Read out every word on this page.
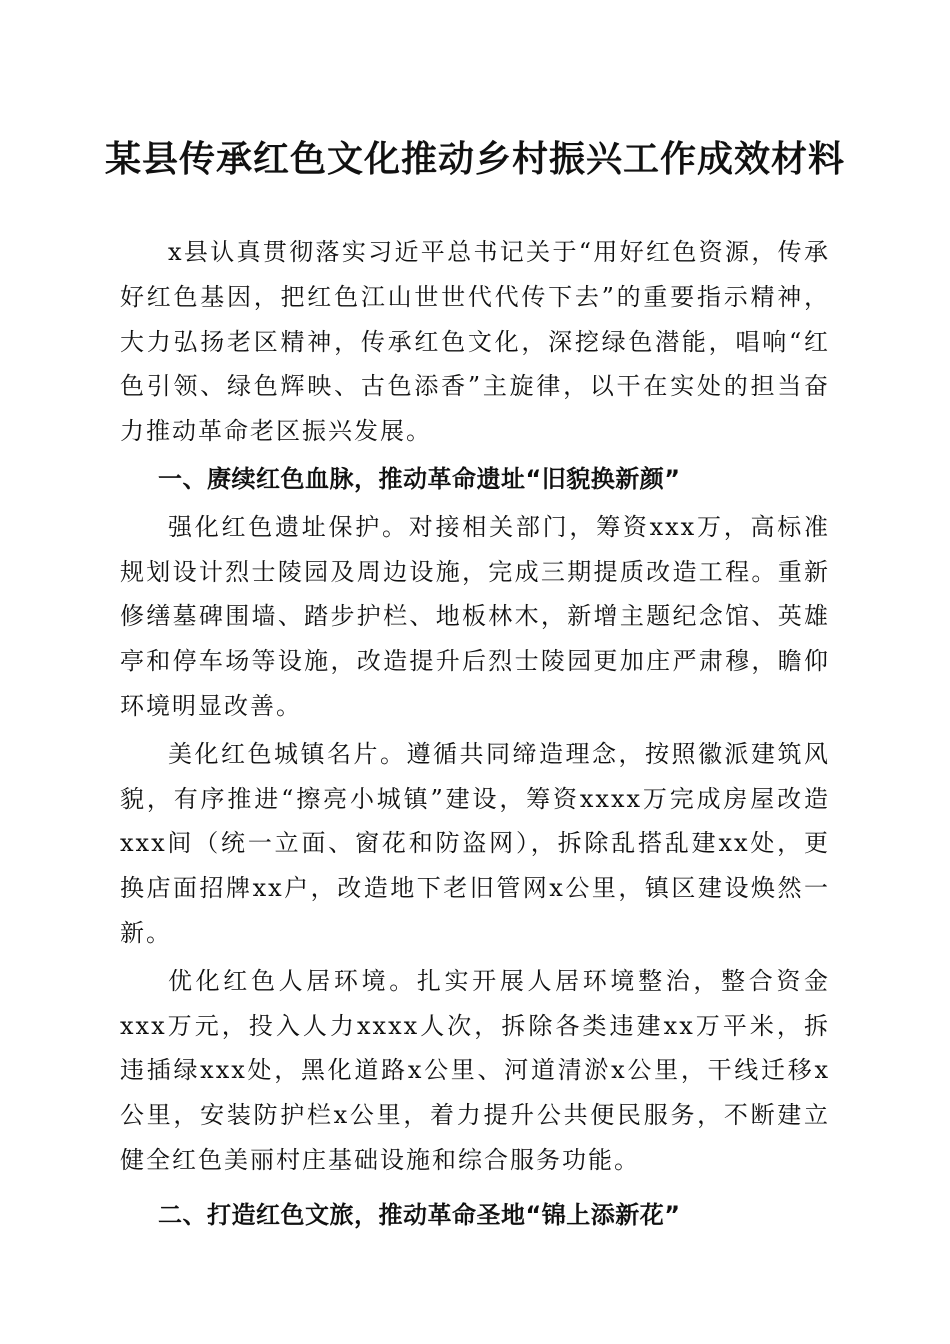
某县传承红色文化推动乡村振兴工作成效材料

x县认真贯彻落实习近平总书记关于“用好红色资源，传承好红色基因，把红色江山世世代代传下去”的重要指示精神，大力弘扬老区精神，传承红色文化，深挖绿色潜能，唱响“红色引领、绿色辉映、古色添香”主旋律，以干在实处的担当奋力推动革命老区振兴发展。

一、赓续红色血脉，推动革命遗址“旧貌换新颜”

强化红色遗址保护。对接相关部门，筹资xxx万，高标准规划设计烈士陵园及周边设施，完成三期提质改造工程。重新修缮墓碑围墙、踏步护栏、地板林木，新增主题纪念馆、英雄亭和停车场等设施，改造提升后烈士陵园更加庄严肃穆，瞻仰环境明显改善。

美化红色城镇名片。遵循共同缔造理念，按照徽派建筑风貌，有序推进“擦亮小城镇”建设，筹资xxxx万完成房屋改造xxx间（统一立面、窗花和防盗网），拆除乱搭乱建xx处，更换店面招牌xx户，改造地下老旧管网x公里，镇区建设焕然一新。

优化红色人居环境。扎实开展人居环境整治，整合资金xxx万元，投入人力xxxx人次，拆除各类违建xx万平米，拆违插绿xxx处，黑化道路x公里、河道清淤x公里，干线迁移x公里，安装防护栏x公里，着力提升公共便民服务，不断建立健全红色美丽村庄基础设施和综合服务功能。

二、打造红色文旅，推动革命圣地“锦上添新花”
